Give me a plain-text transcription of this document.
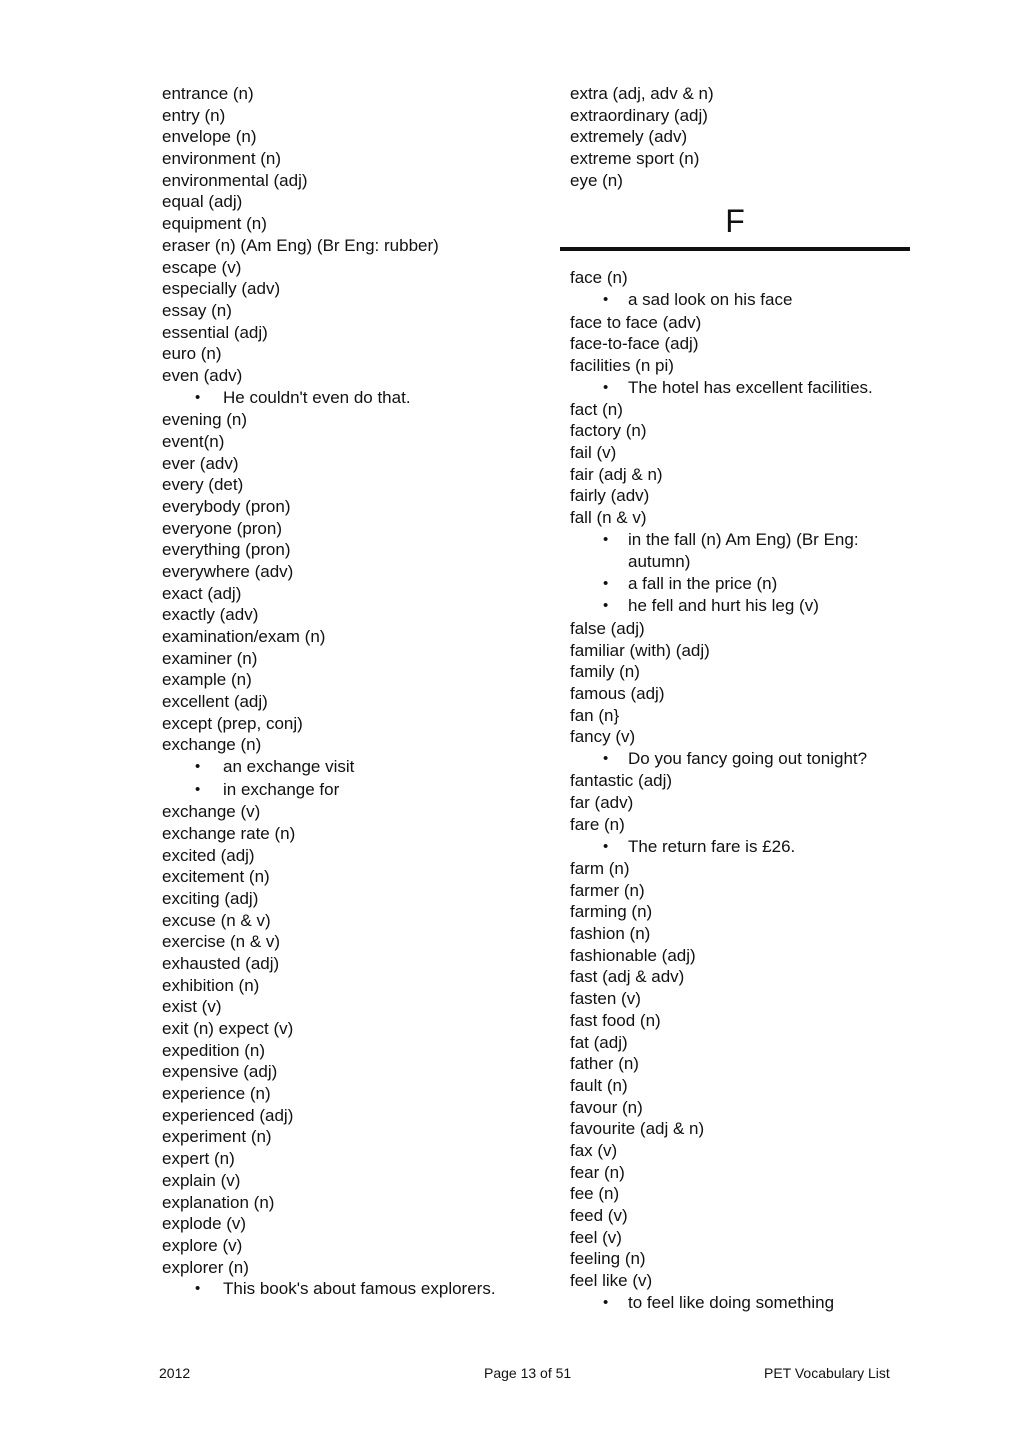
entrance (n)
entry (n)
envelope (n)
environment (n)
environmental (adj)
equal (adj)
equipment (n)
eraser (n) (Am Eng) (Br Eng: rubber)
escape (v)
especially (adv)
essay (n)
essential (adj)
euro (n)
even (adv)
• He couldn't even do that.
evening (n)
event(n)
ever (adv)
every (det)
everybody (pron)
everyone (pron)
everything (pron)
everywhere (adv)
exact (adj)
exactly (adv)
examination/exam (n)
examiner (n)
example (n)
excellent (adj)
except (prep, conj)
exchange (n)
• an exchange visit
• in exchange for
exchange (v)
exchange rate (n)
excited (adj)
excitement (n)
exciting (adj)
excuse (n & v)
exercise (n & v)
exhausted (adj)
exhibition (n)
exist (v)
exit (n) expect (v)
expedition (n)
expensive (adj)
experience (n)
experienced (adj)
experiment (n)
expert (n)
explain (v)
explanation (n)
explode (v)
explore (v)
explorer (n)
• This book's about famous explorers.
extra (adj, adv & n)
extraordinary (adj)
extremely (adv)
extreme sport (n)
eye (n)
F
face (n)
• a sad look on his face
face to face (adv)
face-to-face (adj)
facilities (n pi)
• The hotel has excellent facilities.
fact (n)
factory (n)
fail (v)
fair (adj & n)
fairly (adv)
fall (n & v)
• in the fall (n) Am Eng) (Br Eng: autumn)
• a fall in the price (n)
• he fell and hurt his leg (v)
false (adj)
familiar (with) (adj)
family (n)
famous (adj)
fan (n}
fancy (v)
• Do you fancy going out tonight?
fantastic (adj)
far (adv)
fare (n)
• The return fare is £26.
farm (n)
farmer (n)
farming (n)
fashion (n)
fashionable (adj)
fast (adj & adv)
fasten (v)
fast food (n)
fat (adj)
father (n)
fault (n)
favour (n)
favourite (adj & n)
fax (v)
fear (n)
fee (n)
feed (v)
feel (v)
feeling (n)
feel like (v)
• to feel like doing something
2012	Page 13 of 51	PET Vocabulary List
